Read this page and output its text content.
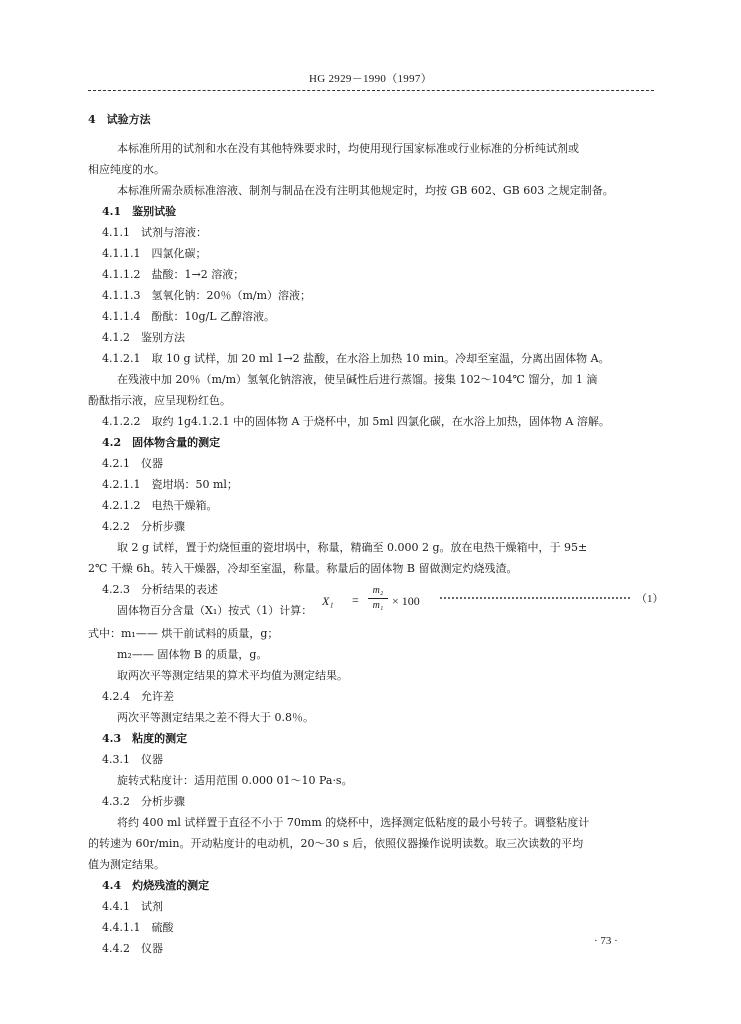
HG 2929－1990（1997）
4　试验方法
本标准所用的试剂和水在没有其他特殊要求时，均使用现行国家标准或行业标准的分析纯试剂或
相应纯度的水。
本标准所需杂质标准溶液、制剂与制品在没有注明其他规定时，均按 GB 602、GB 603 之规定制备。
4.1　鉴别试验
4.1.1　试剂与溶液：
4.1.1.1　四氯化碳；
4.1.1.2　盐酸：1→2 溶液；
4.1.1.3　氢氧化钠：20％（m/m）溶液；
4.1.1.4　酚酞：10g/L 乙醇溶液。
4.1.2　鉴别方法
4.1.2.1　取 10 g 试样，加 20 ml 1→2 盐酸，在水浴上加热 10 min。冷却至室温，分离出固体物 A。
在残液中加 20％（m/m）氢氧化钠溶液，使呈碱性后进行蒸馏。接集 102～104℃ 馏分，加 1 滴
酚酞指示液，应呈现粉红色。
4.1.2.2　取约 1g4.1.2.1 中的固体物 A 于烧杯中，加 5ml 四氯化碳，在水浴上加热，固体物 A 溶解。
4.2　固体物含量的测定
4.2.1　仪器
4.2.1.1　瓷坩埚：50 ml；
4.2.1.2　电热干燥箱。
4.2.2　分析步骤
取 2 g 试样，置于灼烧恒重的瓷坩埚中，称量，精确至 0.000 2 g。放在电热干燥箱中，于 95±
2℃ 干燥 6h。转入干燥器，冷却至室温，称量。称量后的固体物 B 留做测定灼烧残渣。
4.2.3　分析结果的表述
固体物百分含量（X₁）按式（1）计算：
式中：m₁—— 烘干前试料的质量，g；
m₂—— 固体物 B 的质量，g。
取两次平等测定结果的算术平均值为测定结果。
4.2.4　允许差
两次平等测定结果之差不得大于 0.8％。
4.3　粘度的测定
4.3.1　仪器
旋转式粘度计：适用范围 0.000 01～10 Pa·s。
4.3.2　分析步骤
将约 400 ml 试样置于直径不小于 70mm 的烧杯中，选择测定低粘度的最小号转子。调整粘度计
的转速为 60r/min。开动粘度计的电动机，20～30 s 后，依照仪器操作说明读数。取三次读数的平均
值为测定结果。
4.4　灼烧残渣的测定
4.4.1　试剂
4.4.1.1　硫酸
4.4.2　仪器
X₁ =
m₂
m₁ × 100	（1）
· 73 ·
